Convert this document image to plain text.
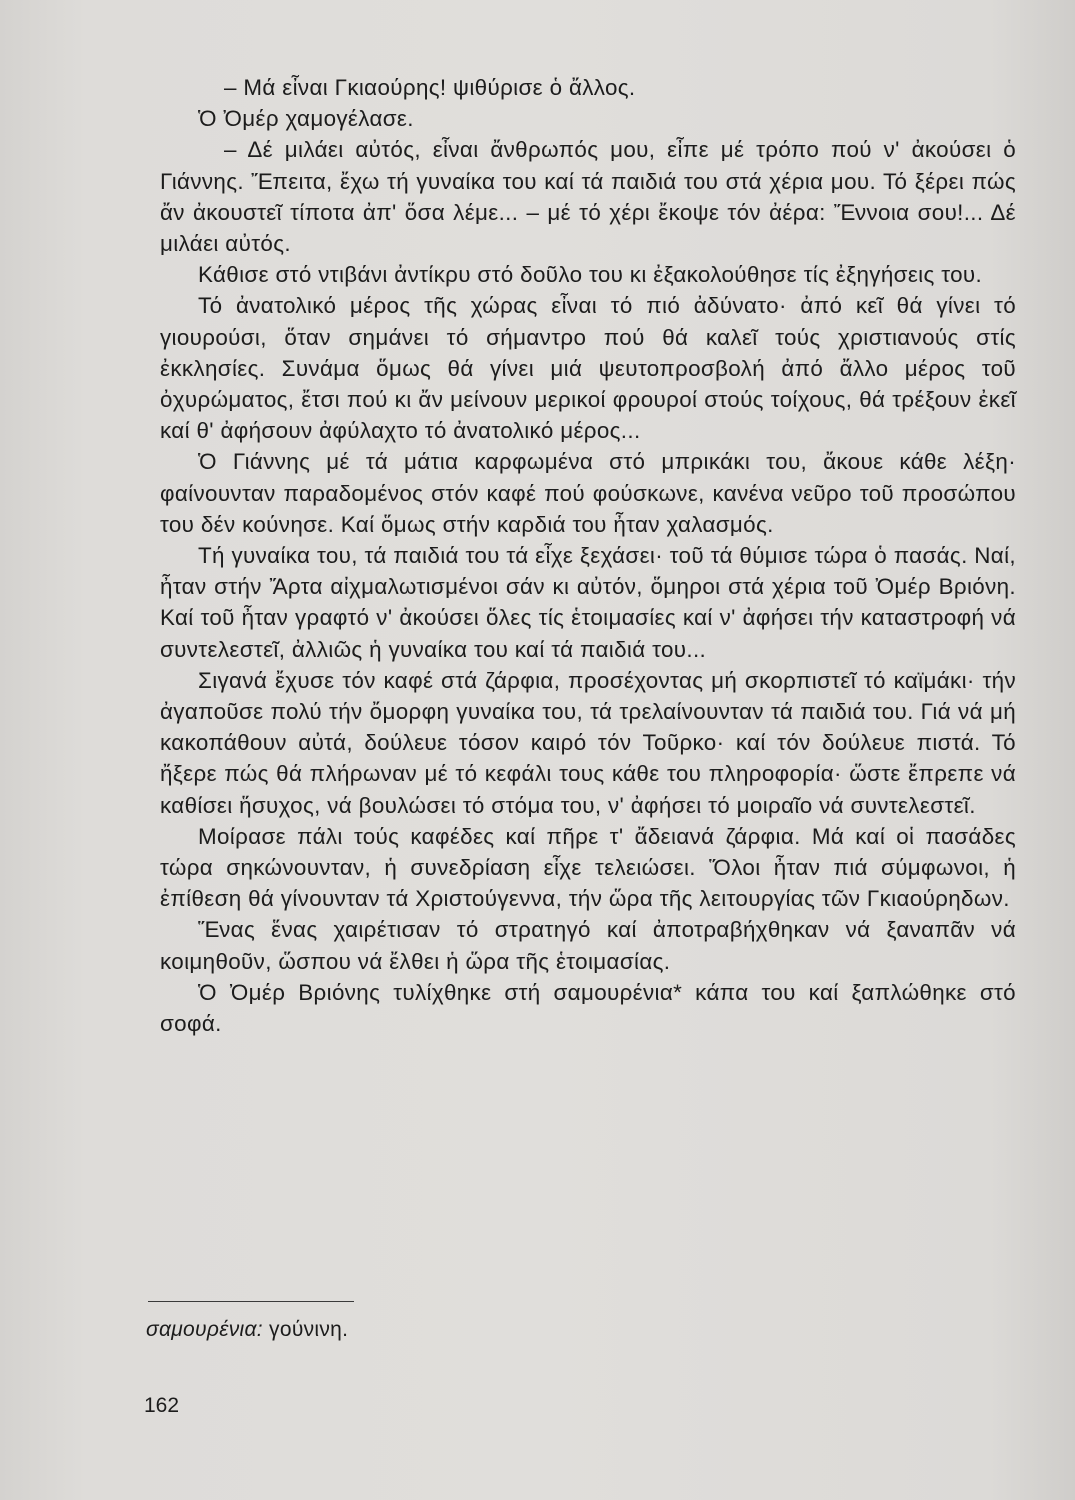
– Μά εἶναι Γκιαούρης! ψιθύρισε ὁ ἄλλος.

Ὁ Ὀμέρ χαμογέλασε.

– Δέ μιλάει αὐτός, εἶναι ἄνθρωπός μου, εἶπε μέ τρόπο πού ν' ἀκούσει ὁ Γιάννης. Ἔπειτα, ἔχω τή γυναίκα του καί τά παιδιά του στά χέρια μου. Τό ξέρει πώς ἄν ἀκουστεῖ τίποτα ἀπ' ὅσα λέμε... – μέ τό χέρι ἔκοψε τόν ἀέρα: Ἔννοια σου!... Δέ μιλάει αὐτός.

Κάθισε στό ντιβάνι ἀντίκρυ στό δοῦλο του κι ἐξακολούθησε τίς ἐξηγήσεις του.

Τό ἀνατολικό μέρος τῆς χώρας εἶναι τό πιό ἀδύνατο· ἀπό κεῖ θά γίνει τό γιουρούσι, ὅταν σημάνει τό σήμαντρο πού θά καλεῖ τούς χριστιανούς στίς ἐκκλησίες. Συνάμα ὅμως θά γίνει μιά ψευτοπροσβολή ἀπό ἄλλο μέρος τοῦ ὀχυρώματος, ἔτσι πού κι ἄν μείνουν μερικοί φρουροί στούς τοίχους, θά τρέξουν ἐκεῖ καί θ' ἀφήσουν ἀφύλαχτο τό ἀνατολικό μέρος...

Ὁ Γιάννης μέ τά μάτια καρφωμένα στό μπρικάκι του, ἄκουε κάθε λέξη· φαίνουνταν παραδομένος στόν καφέ πού φούσκωνε, κανένα νεῦρο τοῦ προσώπου του δέν κούνησε. Καί ὅμως στήν καρδιά του ἦταν χαλασμός.

Τή γυναίκα του, τά παιδιά του τά εἶχε ξεχάσει· τοῦ τά θύμισε τώρα ὁ πασάς. Ναί, ἦταν στήν Ἄρτα αἰχμαλωτισμένοι σάν κι αὐτόν, ὅμηροι στά χέρια τοῦ Ὀμέρ Βριόνη. Καί τοῦ ἦταν γραφτό ν' ἀκούσει ὅλες τίς ἑτοιμασίες καί ν' ἀφήσει τήν καταστροφή νά συντελεστεῖ, ἀλλιῶς ἡ γυναίκα του καί τά παιδιά του...

Σιγανά ἔχυσε τόν καφέ στά ζάρφια, προσέχοντας μή σκορπιστεῖ τό καϊμάκι· τήν ἀγαποῦσε πολύ τήν ὄμορφη γυναίκα του, τά τρελαίνουνταν τά παιδιά του. Γιά νά μή κακοπάθουν αὐτά, δούλευε τόσον καιρό τόν Τοῦρκο· καί τόν δούλευε πιστά. Τό ἤξερε πώς θά πλήρωναν μέ τό κεφάλι τους κάθε του πληροφορία· ὥστε ἔπρεπε νά καθίσει ἥσυχος, νά βουλώσει τό στόμα του, ν' ἀφήσει τό μοιραῖο νά συντελεστεῖ.

Μοίρασε πάλι τούς καφέδες καί πῆρε τ' ἄδειανά ζάρφια. Μά καί οἱ πασάδες τώρα σηκώνουνταν, ἡ συνεδρίαση εἶχε τελειώσει. Ὅλοι ἦταν πιά σύμφωνοι, ἡ ἐπίθεση θά γίνουνταν τά Χριστούγεννα, τήν ὥρα τῆς λειτουργίας τῶν Γκιαούρηδων.

Ἕνας ἕνας χαιρέτισαν τό στρατηγό καί ἀποτραβήχθηκαν νά ξαναπᾶν νά κοιμηθοῦν, ὥσπου νά ἔλθει ἡ ὥρα τῆς ἑτοιμασίας.

Ὁ Ὀμέρ Βριόνης τυλίχθηκε στή σαμουρένια* κάπα του καί ξαπλώθηκε στό σοφά.

σαμουρένια: γούνινη.
162
